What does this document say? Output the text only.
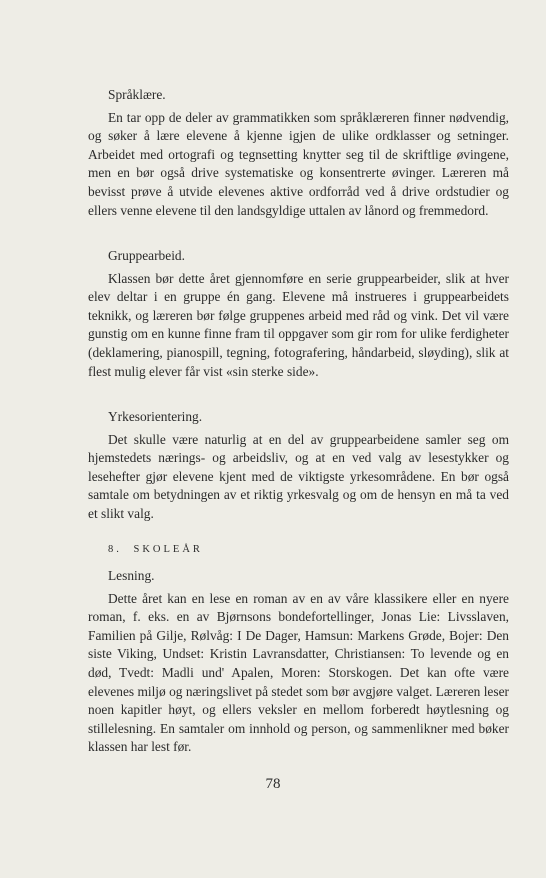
Språklære.

En tar opp de deler av grammatikken som språklæreren finner nødvendig, og søker å lære elevene å kjenne igjen de ulike ordklasser og setninger. Arbeidet med ortografi og tegnsetting knytter seg til de skriftlige øvingene, men en bør også drive systematiske og konsentrerte øvinger. Læreren må bevisst prøve å utvide elevenes aktive ordforråd ved å drive ordstudier og ellers venne elevene til den landsgyldige uttalen av lånord og fremmedord.

Gruppearbeid.

Klassen bør dette året gjennomføre en serie gruppearbeider, slik at hver elev deltar i en gruppe én gang. Elevene må instrueres i gruppearbeidets teknikk, og læreren bør følge gruppenes arbeid med råd og vink. Det vil være gunstig om en kunne finne fram til oppgaver som gir rom for ulike ferdigheter (deklamering, pianospill, tegning, fotografering, håndarbeid, sløyding), slik at flest mulig elever får vist «sin sterke side».

Yrkesorientering.

Det skulle være naturlig at en del av gruppearbeidene samler seg om hjemstedets nærings- og arbeidsliv, og at en ved valg av lesestykker og lesehefter gjør elevene kjent med de viktigste yrkesområdene. En bør også samtale om betydningen av et riktig yrkesvalg og om de hensyn en må ta ved et slikt valg.

8. SKOLEÅR
Lesning.

Dette året kan en lese en roman av en av våre klassikere eller en nyere roman, f. eks. en av Bjørnsons bondefortellinger, Jonas Lie: Livsslaven, Familien på Gilje, Rølvåg: I De Dager, Hamsun: Markens Grøde, Bojer: Den siste Viking, Undset: Kristin Lavransdatter, Christiansen: To levende og en død, Tvedt: Madli und' Apalen, Moren: Storskogen. Det kan ofte være elevenes miljø og næringslivet på stedet som bør avgjøre valget. Læreren leser noen kapitler høyt, og ellers veksler en mellom forberedt høytlesning og stillelesning. En samtaler om innhold og person, og sammenlikner med bøker klassen har lest før.

78
